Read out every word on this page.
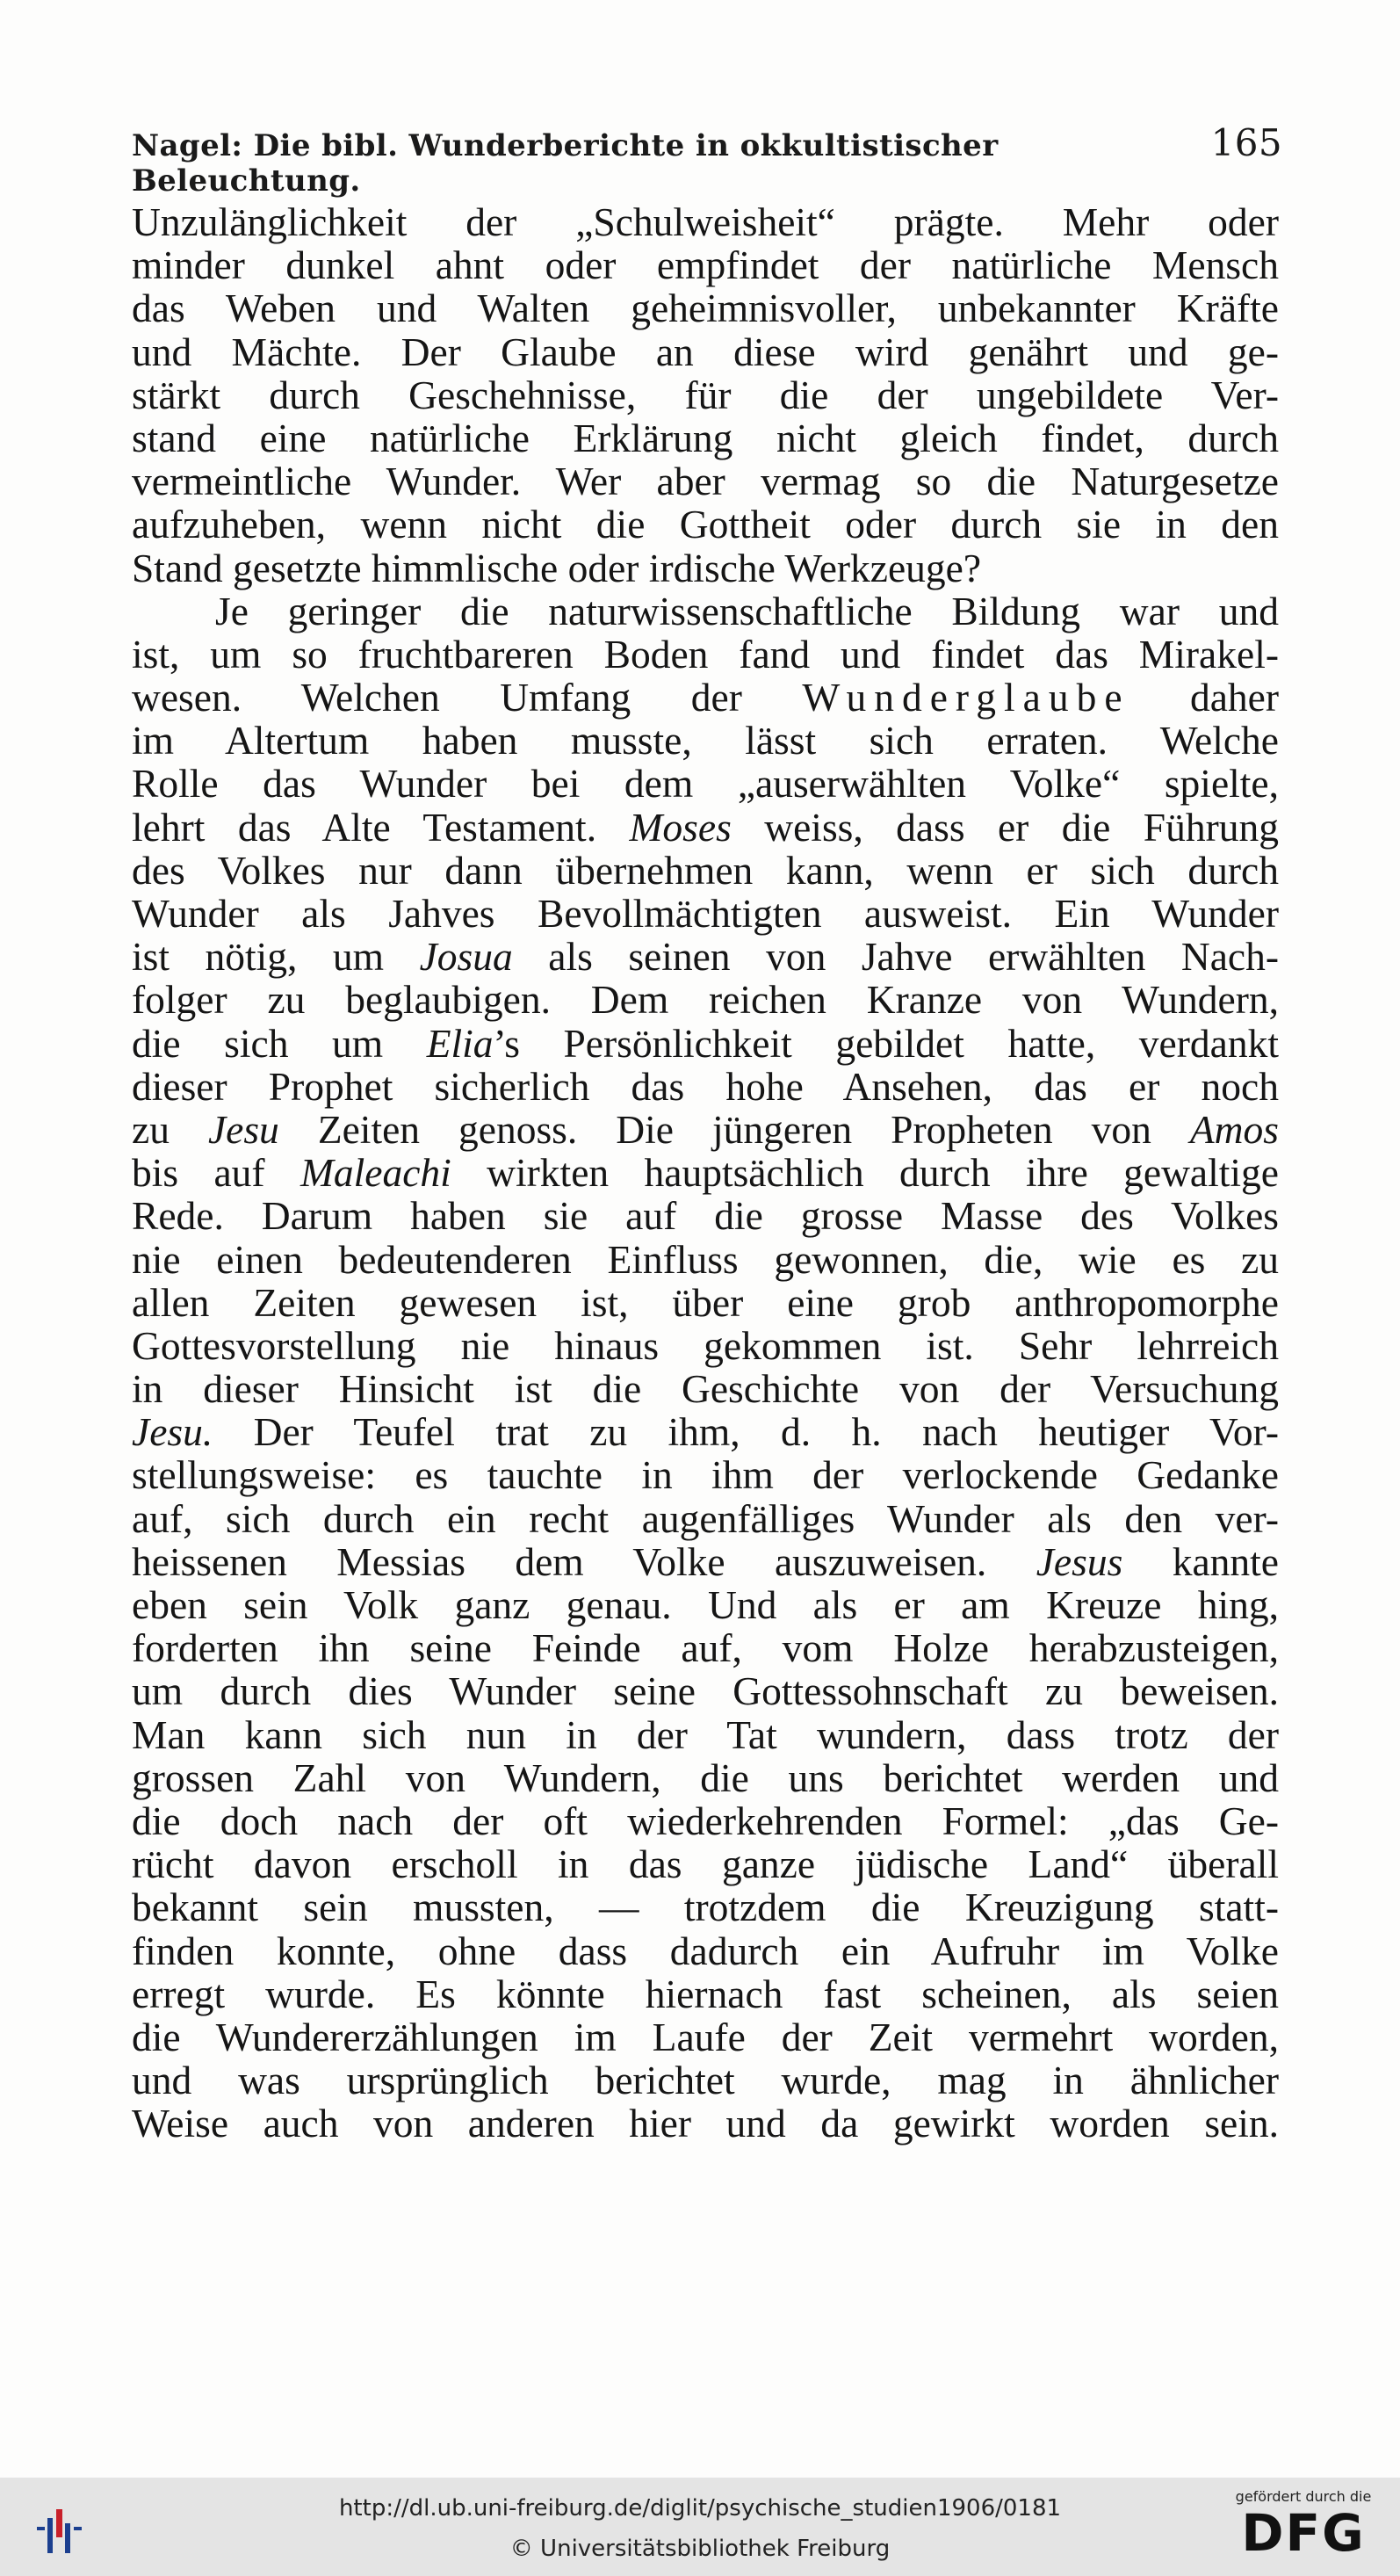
Nagel: Die bibl. Wunderberichte in okkultistischer Beleuchtung.
165
Unzulänglichkeit der „Schulweisheit“ prägte. Mehr oder
minder dunkel ahnt oder empfindet der natürliche Mensch
das Weben und Walten geheimnisvoller, unbekannter Kräfte
und Mächte. Der Glaube an diese wird genährt und ge-
stärkt durch Geschehnisse, für die der ungebildete Ver-
stand eine natürliche Erklärung nicht gleich findet, durch
vermeintliche Wunder. Wer aber vermag so die Naturgesetze
aufzuheben, wenn nicht die Gottheit oder durch sie in den
Stand gesetzte himmlische oder irdische Werkzeuge?
Je geringer die naturwissenschaftliche Bildung war und
ist, um so fruchtbareren Boden fand und findet das Mirakel-
wesen. Welchen Umfang der Wunderglaube daher
im Altertum haben musste, lässt sich erraten. Welche
Rolle das Wunder bei dem „auserwählten Volke“ spielte,
lehrt das Alte Testament. Moses weiss, dass er die Führung
des Volkes nur dann übernehmen kann, wenn er sich durch
Wunder als Jahves Bevollmächtigten ausweist. Ein Wunder
ist nötig, um Josua als seinen von Jahve erwählten Nach-
folger zu beglaubigen. Dem reichen Kranze von Wundern,
die sich um Elia’s Persönlichkeit gebildet hatte, verdankt
dieser Prophet sicherlich das hohe Ansehen, das er noch
zu Jesu Zeiten genoss. Die jüngeren Propheten von Amos
bis auf Maleachi wirkten hauptsächlich durch ihre gewaltige
Rede. Darum haben sie auf die grosse Masse des Volkes
nie einen bedeutenderen Einfluss gewonnen, die, wie es zu
allen Zeiten gewesen ist, über eine grob anthropomorphe
Gottesvorstellung nie hinaus gekommen ist. Sehr lehrreich
in dieser Hinsicht ist die Geschichte von der Versuchung
Jesu. Der Teufel trat zu ihm, d. h. nach heutiger Vor-
stellungsweise: es tauchte in ihm der verlockende Gedanke
auf, sich durch ein recht augenfälliges Wunder als den ver-
heissenen Messias dem Volke auszuweisen. Jesus kannte
eben sein Volk ganz genau. Und als er am Kreuze hing,
forderten ihn seine Feinde auf, vom Holze herabzusteigen,
um durch dies Wunder seine Gottessohnschaft zu beweisen.
Man kann sich nun in der Tat wundern, dass trotz der
grossen Zahl von Wundern, die uns berichtet werden und
die doch nach der oft wiederkehrenden Formel: „das Ge-
rücht davon erscholl in das ganze jüdische Land“ überall
bekannt sein mussten, — trotzdem die Kreuzigung statt-
finden konnte, ohne dass dadurch ein Aufruhr im Volke
erregt wurde. Es könnte hiernach fast scheinen, als seien
die Wundererzählungen im Laufe der Zeit vermehrt worden,
und was ursprünglich berichtet wurde, mag in ähnlicher
Weise auch von anderen hier und da gewirkt worden sein.
http://dl.ub.uni-freiburg.de/diglit/psychische_studien1906/0181
© Universitätsbibliothek Freiburg
gefördert durch die
DFG
